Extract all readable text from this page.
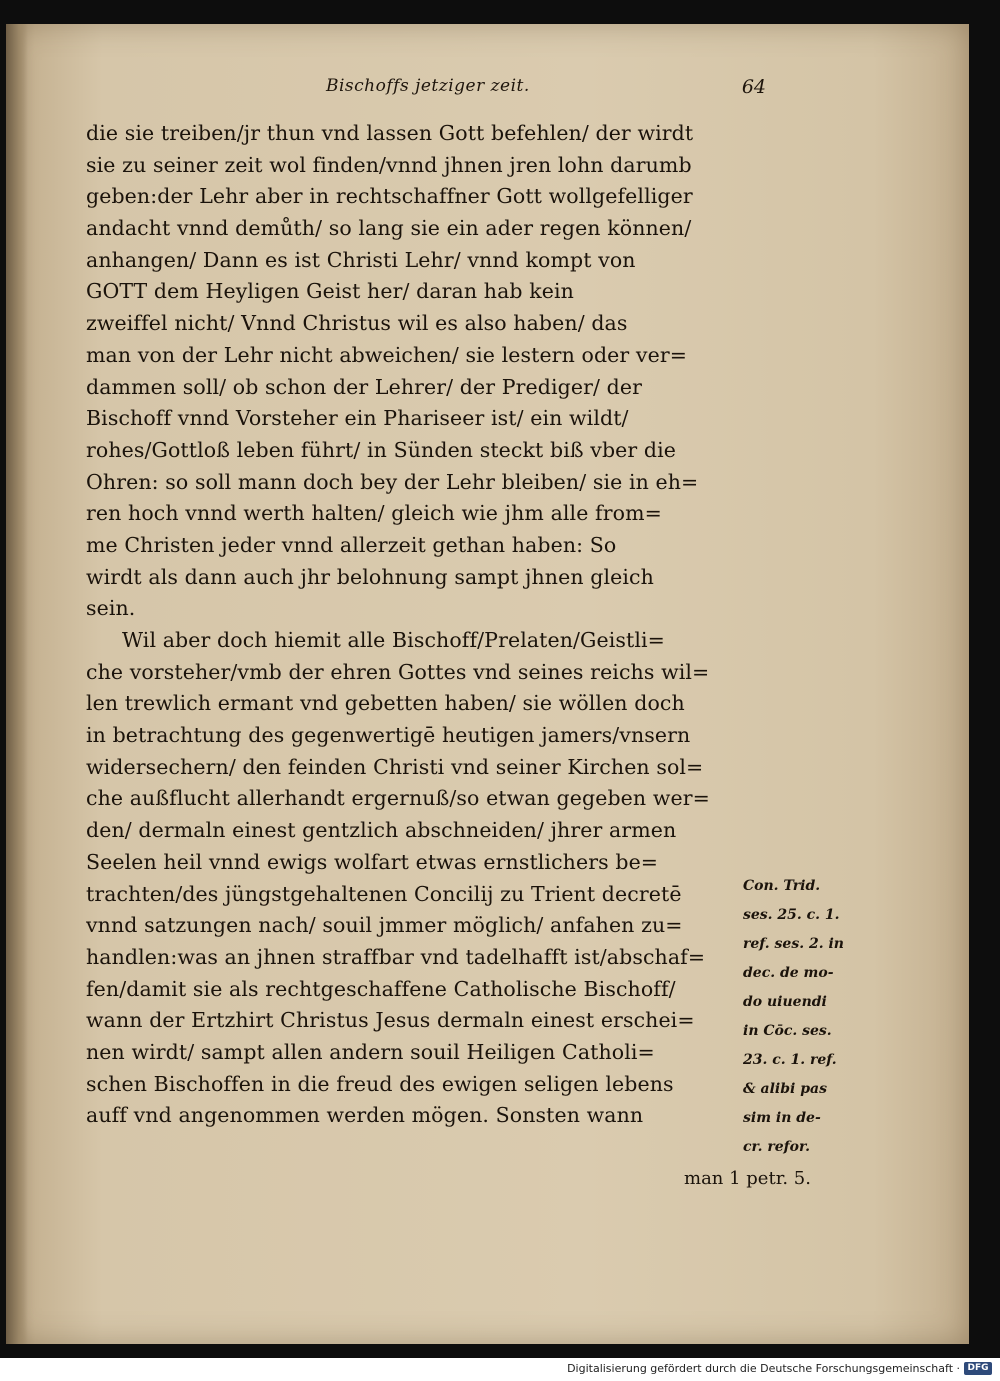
Bischoffs jetziger zeit.	64
die sie treiben/jr thun vnd lassen Gott befehlen/ der wirdt
sie zu seiner zeit wol finden/vnnd jhnen jren lohn darumb
geben:der Lehr aber in rechtschaffner Gott wollgefelliger
andacht vnnd demůth/ so lang sie ein ader regen können/
anhangen/ Dann es ist Christi Lehr/ vnnd kompt von
GOTT dem Heyligen Geist her/ daran hab kein
zweiffel nicht/ Vnnd Christus wil es also haben/ das
man von der Lehr nicht abweichen/ sie lestern oder ver=
dammen soll/ ob schon der Lehrer/ der Prediger/ der
Bischoff vnnd Vorsteher ein Phariseer ist/ ein wildt/
rohes/Gottloß leben führt/ in Sünden steckt biß vber die
Ohren: so soll mann doch bey der Lehr bleiben/ sie in eh=
ren hoch vnnd werth halten/ gleich wie jhm alle from=
me Christen jeder vnnd allerzeit gethan haben: So
wirdt als dann auch jhr belohnung sampt jhnen gleich
sein.
Wil aber doch hiemit alle Bischoff/Prelaten/Geistli=
che vorsteher/vmb der ehren Gottes vnd seines reichs wil=
len trewlich ermant vnd gebetten haben/ sie wöllen doch
in betrachtung des gegenwertigē heutigen jamers/vnsern
widersechern/ den feinden Christi vnd seiner Kirchen sol=
che außflucht allerhandt ergernuß/so etwan gegeben wer=
den/ dermaln einest gentzlich abschneiden/ jhrer armen
Seelen heil vnnd ewigs wolfart etwas ernstlichers be=
trachten/des jüngstgehaltenen Concilij zu Trient decretē
vnnd satzungen nach/ souil jmmer möglich/ anfahen zu=
handlen:was an jhnen straffbar vnd tadelhafft ist/abschaf=
fen/damit sie als rechtgeschaffene Catholische Bischoff/
wann der Ertzhirt Christus Jesus dermaln einest erschei=
nen wirdt/ sampt allen andern souil Heiligen Catholi=
schen Bischoffen in die freud des ewigen seligen lebens
auff vnd angenommen werden mögen. Sonsten wann
Con. Trid.
ses. 25. c. 1.
ref. ses. 2. in
dec. de mo-
do uiuendi
in Cōc. ses.
23. c. 1. ref.
& alibi pas
sim in de-
cr. refor.
man 1 petr. 5.
Digitalisierung gefördert durch die Deutsche Forschungsgemeinschaft · DFG
